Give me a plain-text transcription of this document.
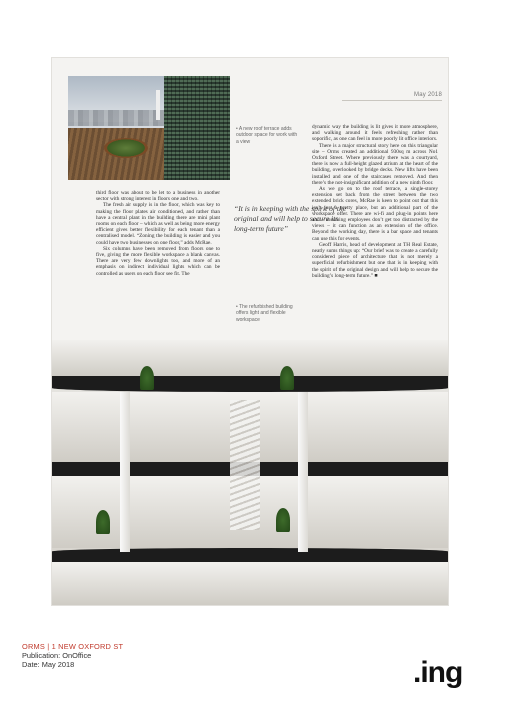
May 2018
• A new roof terrace adds outdoor space for work with a view

third floor was about to be let to a business in another sector with strong interest in floors one and two.

The fresh air supply is in the floor, which was key to making the floor plates air conditioned, and rather than have a central plant in the building there are mini plant rooms on each floor – which as well as being more energy efficient gives better flexibility for each tenant than a centralised model. “Zoning the building is easier and you could have two businesses on one floor,” adds McRae.

Six columns have been removed from floors one to five, giving the more flexible workspace a blank canvas. There are very few downlights too, and more of an emphasis on indirect individual lights which can be controlled as users on each floor see fit. The

“It is in keeping with the spirit of the original and will help to secure its long-term future”
• The refurbished building offers light and flexible workspace

dynamic way the building is lit gives it more atmosphere, and walking around it feels refreshing rather than soporific, as one can feel in more poorly lit office interiors.

There is a major structural story here on this triangular site – Orms created an additional 930sq m across No1 Oxford Street. Where previously there was a courtyard, there is now a full-height glazed atrium at the heart of the building, overlooked by bridge decks. New lifts have been installed and one of the staircases removed. And then there’s the not-insignificant addition of a new ninth floor.

As we go on to the roof terrace, a single-storey extension set back from the street between the two extended brick cores, McRae is keen to point out that this isn’t just a pretty place, but an additional part of the workspace offer. There are wi-fi and plug-in points here and – assuming employees don’t get too distracted by the views – it can function as an extension of the office. Beyond the working day, there is a bar space and tenants can use this for events.

Geoff Harris, head of development at TH Real Estate, neatly sums things up: “Our brief was to create a carefully considered piece of architecture that is not merely a superficial refurbishment but one that is in keeping with the spirit of the original design and will help to secure the building’s long-term future.” ■

ORMS | 1 NEW OXFORD ST
Publication: OnOffice
Date: May 2018	.ing
